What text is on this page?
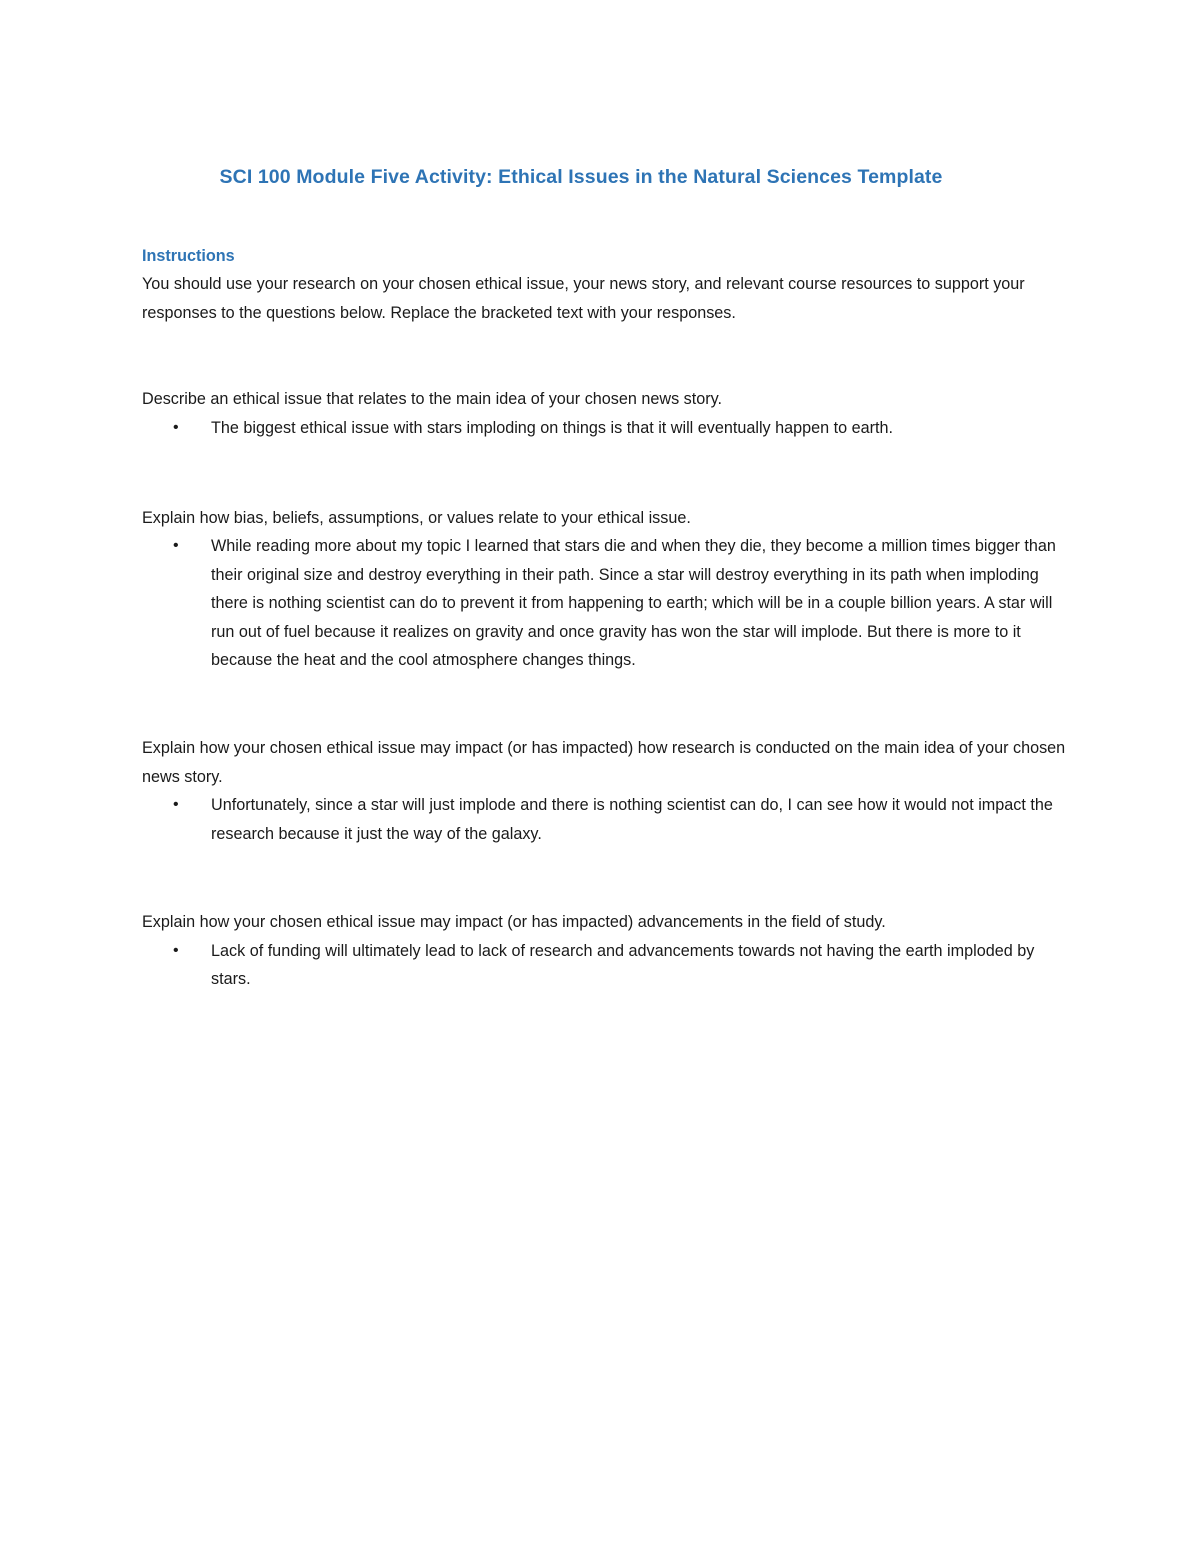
SCI 100 Module Five Activity: Ethical Issues in the Natural Sciences Template

Instructions

You should use your research on your chosen ethical issue, your news story, and relevant course resources to support your responses to the questions below. Replace the bracketed text with your responses.

Describe an ethical issue that relates to the main idea of your chosen news story.

• The biggest ethical issue with stars imploding on things is that it will eventually happen to earth.

Explain how bias, beliefs, assumptions, or values relate to your ethical issue.

• While reading more about my topic I learned that stars die and when they die, they become a million times bigger than their original size and destroy everything in their path. Since a star will destroy everything in its path when imploding there is nothing scientist can do to prevent it from happening to earth; which will be in a couple billion years. A star will run out of fuel because it realizes on gravity and once gravity has won the star will implode. But there is more to it because the heat and the cool atmosphere changes things.

Explain how your chosen ethical issue may impact (or has impacted) how research is conducted on the main idea of your chosen news story.

• Unfortunately, since a star will just implode and there is nothing scientist can do, I can see how it would not impact the research because it just the way of the galaxy.

Explain how your chosen ethical issue may impact (or has impacted) advancements in the field of study.

• Lack of funding will ultimately lead to lack of research and advancements towards not having the earth imploded by stars.
